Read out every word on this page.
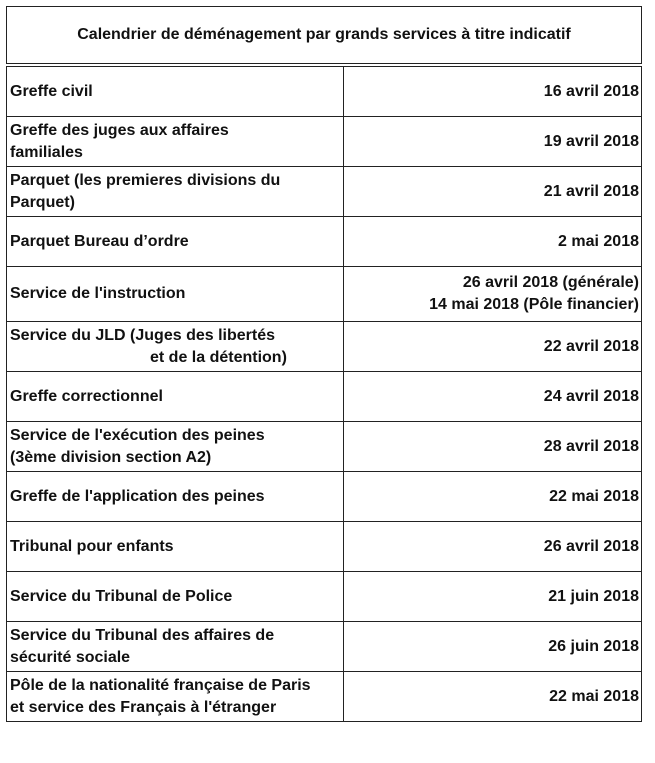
Calendrier de déménagement par grands services à titre indicatif
Greffe civil	16 avril 2018

Greffe des juges aux affaires
familiales	19 avril 2018

Parquet (les premieres divisions du
Parquet)	21 avril 2018

Parquet Bureau d’ordre	2 mai 2018

Service de l'instruction	26 avril 2018 (générale)
14 mai 2018 (Pôle financier)

Service du JLD (Juges des libertés
et de la détention)	22 avril 2018

Greffe correctionnel	24 avril 2018

Service de l'exécution des peines
(3ème division section A2)	28 avril 2018

Greffe de l'application des peines	22 mai 2018

Tribunal pour enfants	26 avril 2018

Service du Tribunal de Police	21 juin 2018

Service du Tribunal des affaires de
sécurité sociale	26 juin 2018

Pôle de la nationalité française de Paris
et service des Français à l'étranger	22 mai 2018
